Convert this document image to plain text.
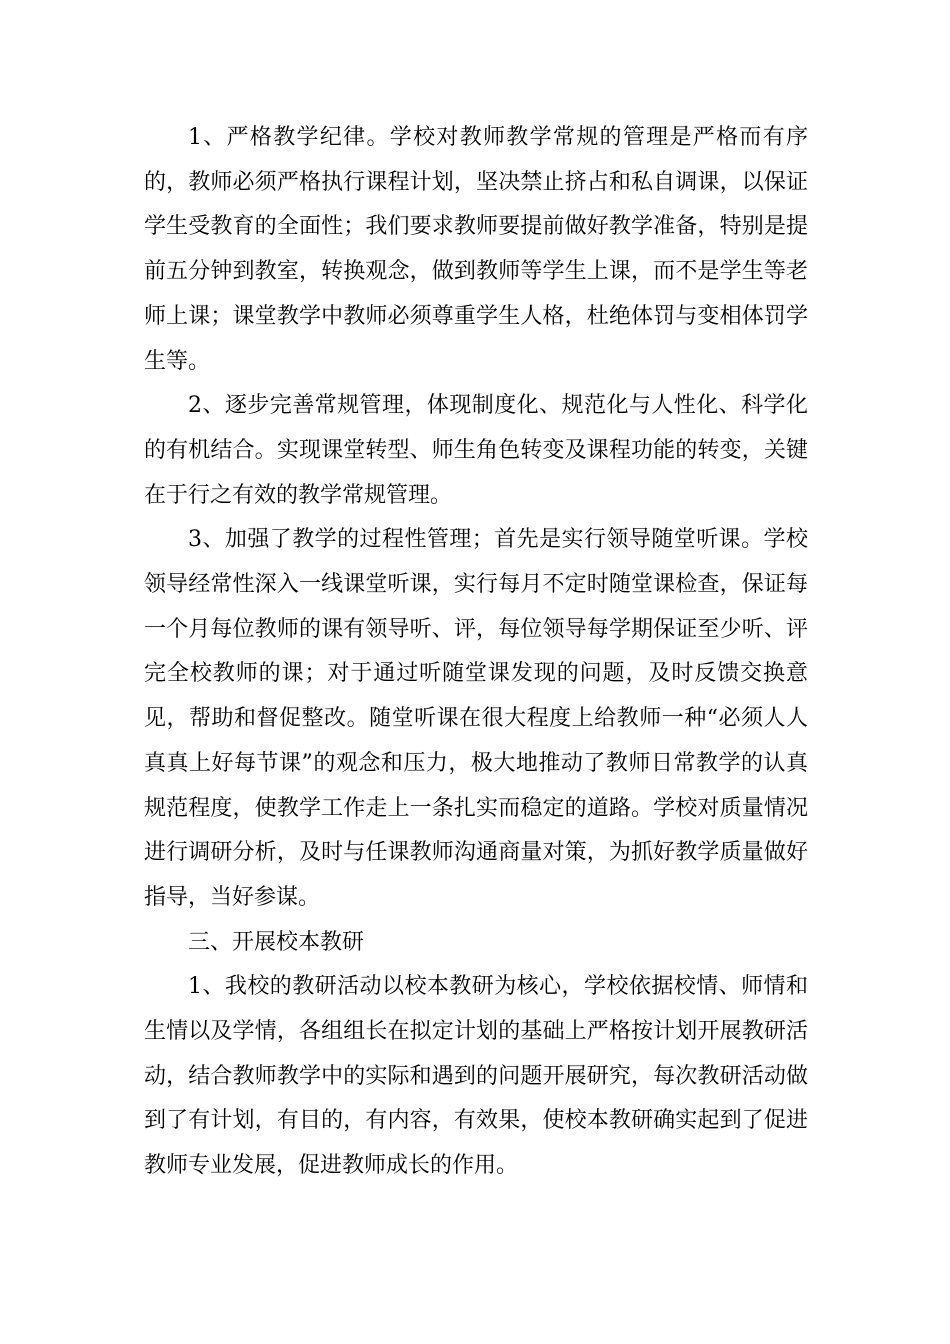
1、严格教学纪律。学校对教师教学常规的管理是严格而有序的，教师必须严格执行课程计划，坚决禁止挤占和私自调课，以保证学生受教育的全面性；我们要求教师要提前做好教学准备，特别是提前五分钟到教室，转换观念，做到教师等学生上课，而不是学生等老师上课；课堂教学中教师必须尊重学生人格，杜绝体罚与变相体罚学生等。

2、逐步完善常规管理，体现制度化、规范化与人性化、科学化的有机结合。实现课堂转型、师生角色转变及课程功能的转变，关键在于行之有效的教学常规管理。

3、加强了教学的过程性管理；首先是实行领导随堂听课。学校领导经常性深入一线课堂听课，实行每月不定时随堂课检查，保证每一个月每位教师的课有领导听、评，每位领导每学期保证至少听、评完全校教师的课；对于通过听随堂课发现的问题，及时反馈交换意见，帮助和督促整改。随堂听课在很大程度上给教师一种“必须人人真真上好每节课”的观念和压力，极大地推动了教师日常教学的认真规范程度，使教学工作走上一条扎实而稳定的道路。学校对质量情况进行调研分析，及时与任课教师沟通商量对策，为抓好教学质量做好指导，当好参谋。

三、开展校本教研

1、我校的教研活动以校本教研为核心，学校依据校情、师情和生情以及学情，各组组长在拟定计划的基础上严格按计划开展教研活动，结合教师教学中的实际和遇到的问题开展研究，每次教研活动做到了有计划，有目的，有内容，有效果，使校本教研确实起到了促进教师专业发展，促进教师成长的作用。
